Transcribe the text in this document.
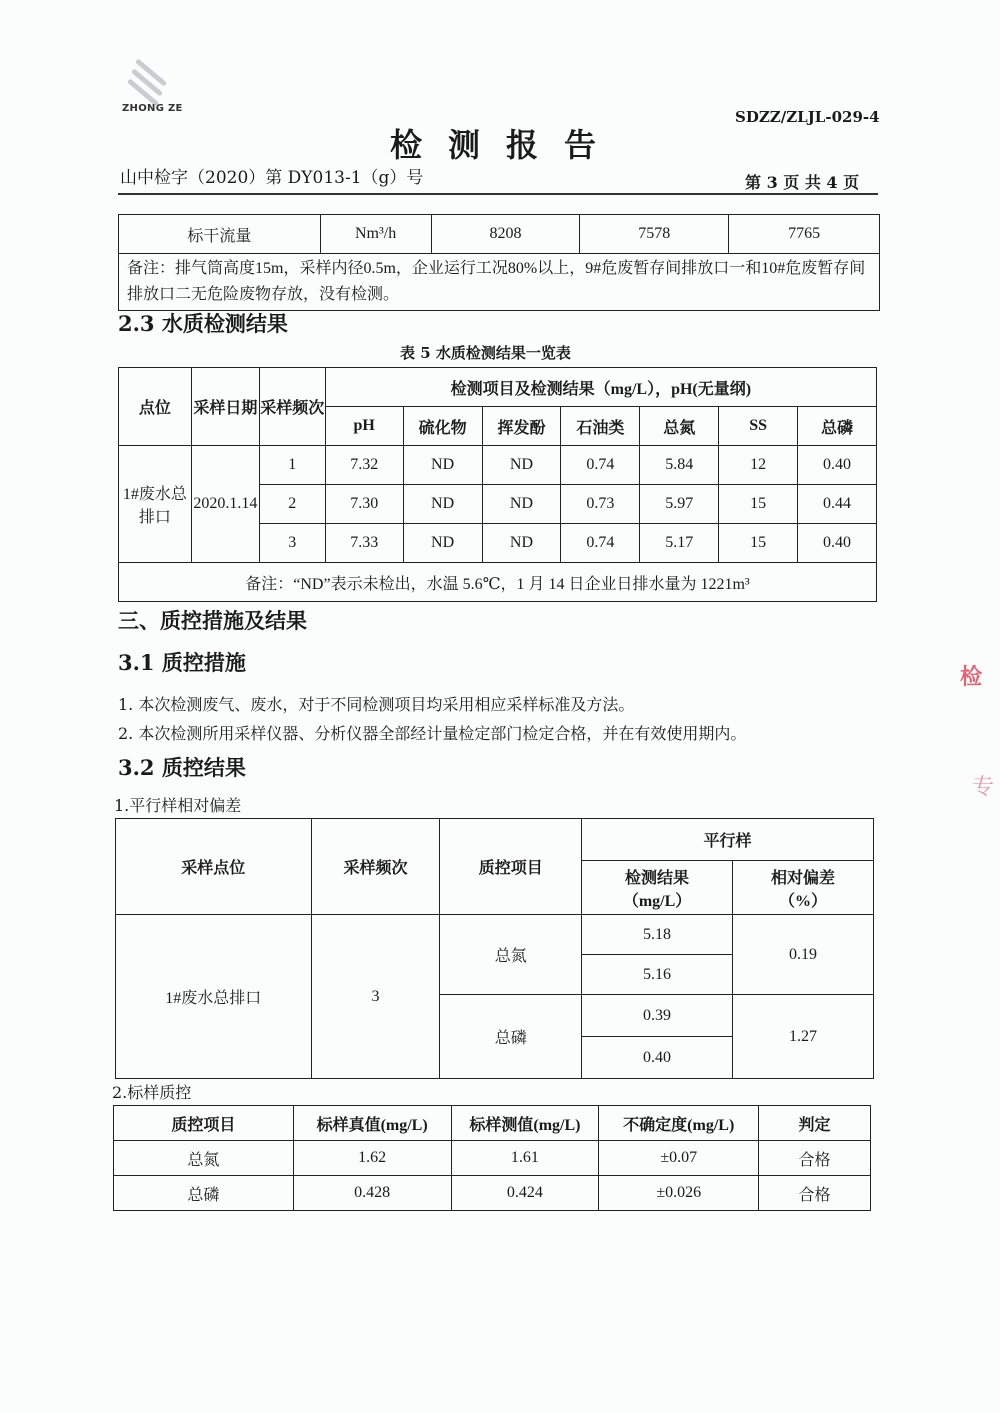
ZHONG ZE	SDZZ/ZLJL-029-4
检测报告
山中检字（2020）第 DY013-1（g）号	第 3 页 共 4 页
标干流量	Nm³/h	8208	7578	7765
备注：排气筒高度15m，采样内径0.5m，企业运行工况80%以上，9#危废暂存间排放口一和10#危废暂存间排放口二无危险废物存放，没有检测。
2.3 水质检测结果
表 5 水质检测结果一览表
点位	采样日期	采样频次	检测项目及检测结果（mg/L），pH(无量纲)						
			pH	硫化物	挥发酚	石油类	总氮	SS	总磷
1#废水总排口	2020.1.14	1	7.32	ND	ND	0.74	5.84	12	0.40
		2	7.30	ND	ND	0.73	5.97	15	0.44
		3	7.33	ND	ND	0.74	5.17	15	0.40
备注：“ND”表示未检出，水温 5.6℃，1 月 14 日企业日排水量为 1221m³									
三、质控措施及结果
3.1 质控措施
1. 本次检测废气、废水，对于不同检测项目均采用相应采样标准及方法。
2. 本次检测所用采样仪器、分析仪器全部经计量检定部门检定合格，并在有效使用期内。
3.2 质控结果
1.平行样相对偏差
采样点位	采样频次	质控项目	平行样	
			检测结果（mg/L）	相对偏差（%）
1#废水总排口	3	总氮	5.18	0.19
			5.16	
		总磷	0.39	1.27
			0.40	
2.标样质控
质控项目	标样真值(mg/L)	标样测值(mg/L)	不确定度(mg/L)	判定
总氮	1.62	1.61	±0.07	合格
总磷	0.428	0.424	±0.026	合格
检
专
